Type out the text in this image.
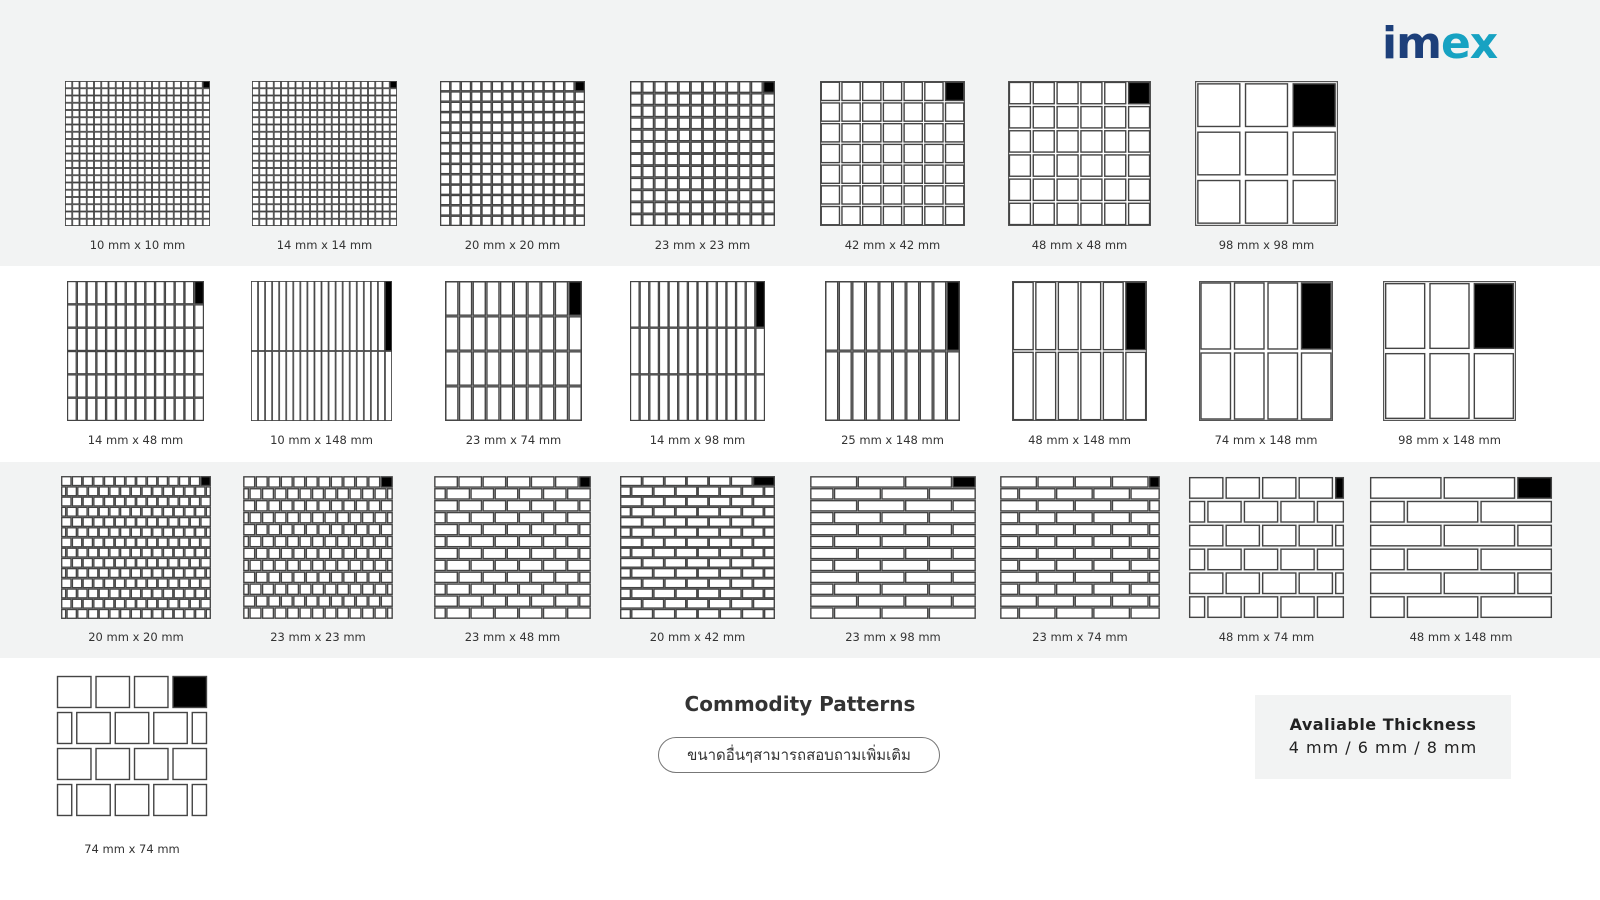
imex
10 mm x 10 mm	14 mm x 14 mm	20 mm x 20 mm	23 mm x 23 mm	42 mm x 42 mm	48 mm x 48 mm	98 mm x 98 mm
14 mm x 48 mm	10 mm x 148 mm	23 mm x 74 mm	14 mm x 98 mm	25 mm x 148 mm	48 mm x 148 mm	74 mm x 148 mm	98 mm x 148 mm
20 mm x 20 mm	23 mm x 23 mm	23 mm x 48 mm	20 mm x 42 mm	23 mm x 98 mm	23 mm x 74 mm	48 mm x 74 mm	48 mm x 148 mm
74 mm x 74 mm
Commodity Patterns
ขนาดอื่นๆสามารถสอบถามเพิ่มเติม
Avaliable Thickness
4 mm / 6 mm / 8 mm
